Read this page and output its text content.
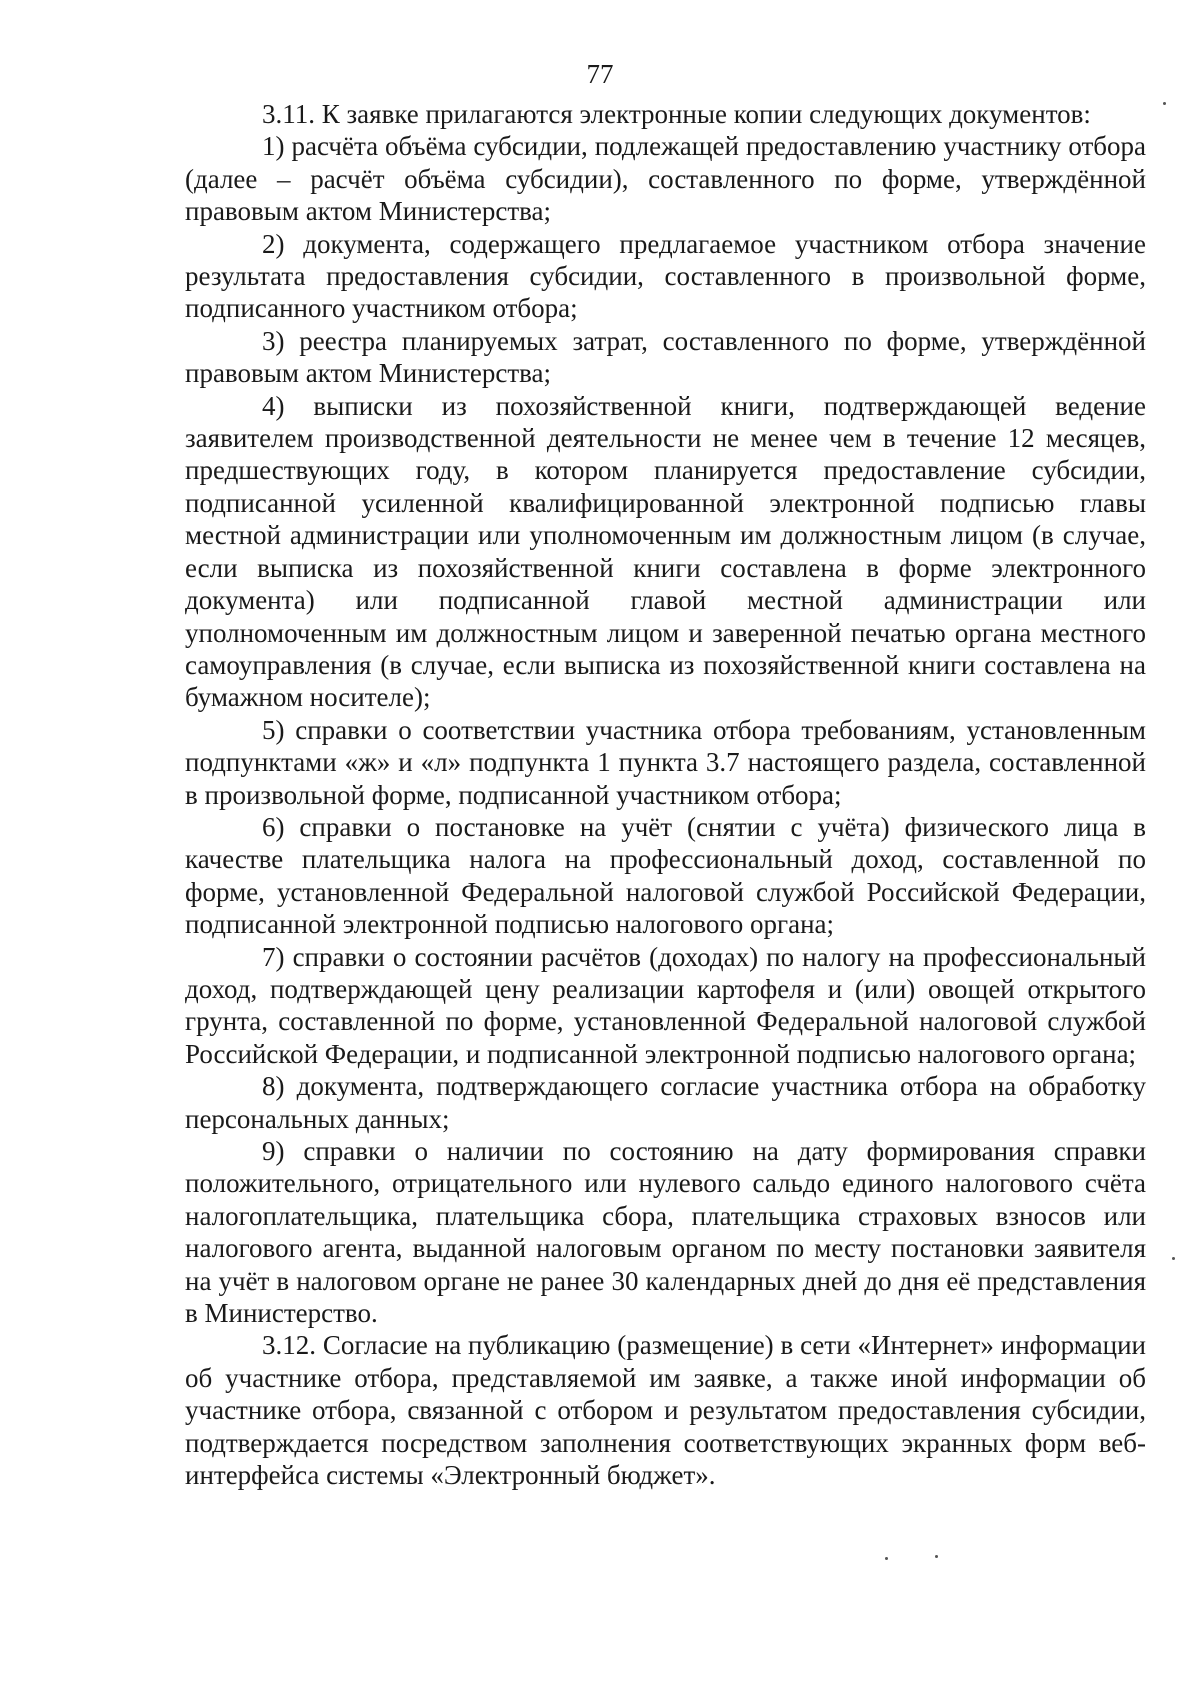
77

3.11. К заявке прилагаются электронные копии следующих документов:

1) расчёта объёма субсидии, подлежащей предоставлению участнику отбора (далее – расчёт объёма субсидии), составленного по форме, утверждённой правовым актом Министерства;

2) документа, содержащего предлагаемое участником отбора значение результата предоставления субсидии, составленного в произвольной форме, подписанного участником отбора;

3) реестра планируемых затрат, составленного по форме, утверждённой правовым актом Министерства;

4) выписки из похозяйственной книги, подтверждающей ведение заявителем производственной деятельности не менее чем в течение 12 месяцев, предшествующих году, в котором планируется предоставление субсидии, подписанной усиленной квалифицированной электронной подписью главы местной администрации или уполномоченным им должностным лицом (в случае, если выписка из похозяйственной книги составлена в форме электронного документа) или подписанной главой местной администрации или уполномоченным им должностным лицом и заверенной печатью органа местного самоуправления (в случае, если выписка из похозяйственной книги составлена на бумажном носителе);

5) справки о соответствии участника отбора требованиям, установленным подпунктами «ж» и «л» подпункта 1 пункта 3.7 настоящего раздела, составленной в произвольной форме, подписанной участником отбора;

6) справки о постановке на учёт (снятии с учёта) физического лица в качестве плательщика налога на профессиональный доход, составленной по форме, установленной Федеральной налоговой службой Российской Федерации, подписанной электронной подписью налогового органа;

7) справки о состоянии расчётов (доходах) по налогу на профессиональный доход, подтверждающей цену реализации картофеля и (или) овощей открытого грунта, составленной по форме, установленной Федеральной налоговой службой Российской Федерации, и подписанной электронной подписью налогового органа;

8) документа, подтверждающего согласие участника отбора на обработку персональных данных;

9) справки о наличии по состоянию на дату формирования справки положительного, отрицательного или нулевого сальдо единого налогового счёта налогоплательщика, плательщика сбора, плательщика страховых взносов или налогового агента, выданной налоговым органом по месту постановки заявителя на учёт в налоговом органе не ранее 30 календарных дней до дня её представления в Министерство.

3.12. Согласие на публикацию (размещение) в сети «Интернет» информации об участнике отбора, представляемой им заявке, а также иной информации об участнике отбора, связанной с отбором и результатом предоставления субсидии, подтверждается посредством заполнения соответствующих экранных форм веб-интерфейса системы «Электронный бюджет».
